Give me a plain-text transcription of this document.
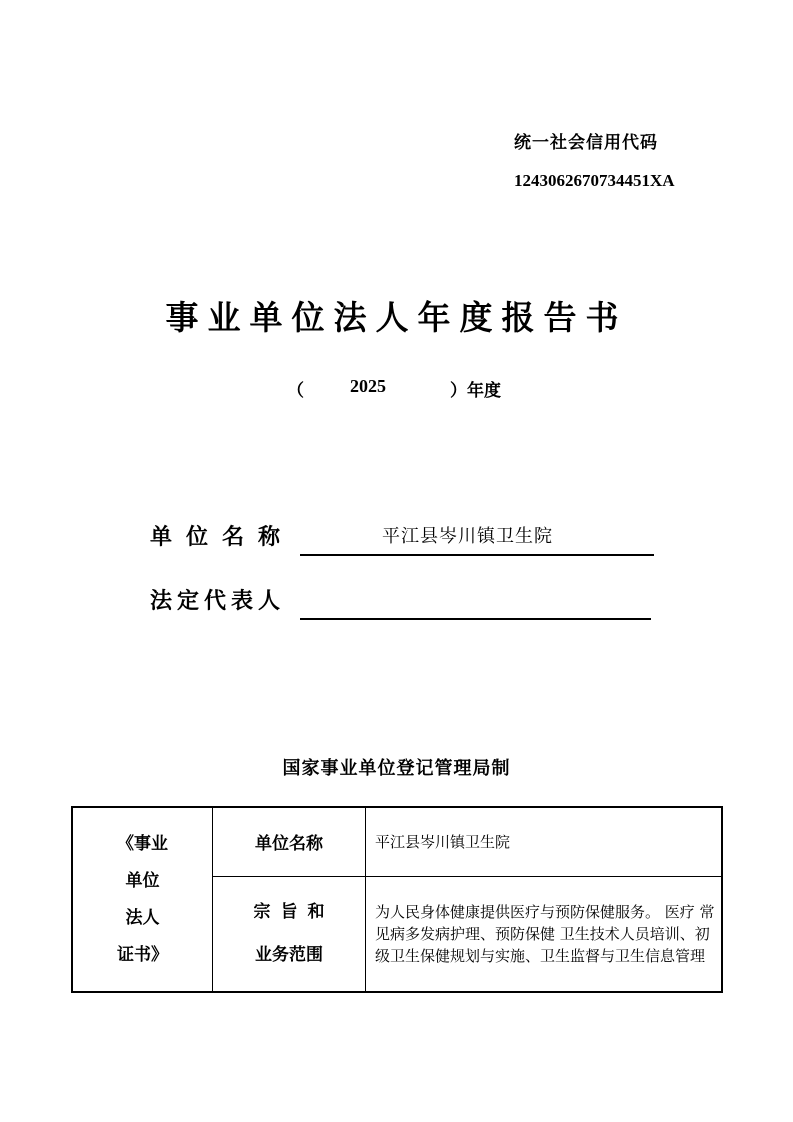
统一社会信用代码
1243062670734451XA
事业单位法人年度报告书
（	2025	）年度
单位名称	平江县岑川镇卫生院
法定代表人
国家事业单位登记管理局制
《事业
单位
法人
证书》	单位名称	平江县岑川镇卫生院

	宗旨和
业务范围	为人民身体健康提供医疗与预防保健服务。 医疗 常见病多发病护理、预防保健 卫生技术人员培训、初级卫生保健规划与实施、卫生监督与卫生信息管理
